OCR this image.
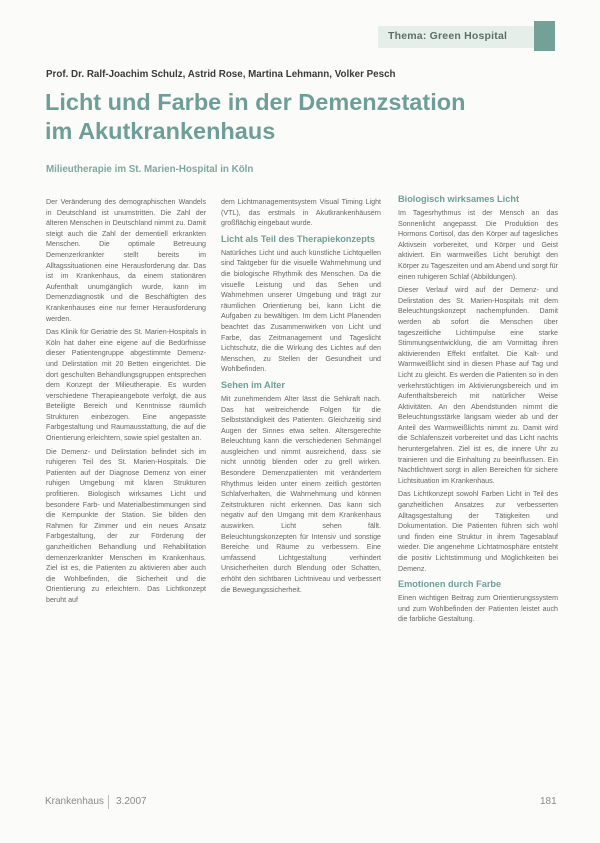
Thema: Green Hospital
Prof. Dr. Ralf-Joachim Schulz, Astrid Rose, Martina Lehmann, Volker Pesch
Licht und Farbe in der Demenzstation
im Akutkrankenhaus
Milieutherapie im St. Marien-Hospital in Köln

Der Veränderung des demographischen Wandels in Deutschland ist unumstritten. Die Zahl der älteren Menschen in Deutschland nimmt zu. Damit steigt auch die Zahl der dementiell erkrankten Menschen. Die optimale Betreuung Demenzerkrankter stellt bereits im Alltagssituationen eine Herausforderung dar. Das ist im Krankenhaus, da einem stationären Aufenthalt unumgänglich wurde, kann im Demenzdiagnostik und die Beschäftigten des Krankenhauses eine nur ferner Herausforderung werden.

Das Klinik für Geriatrie des St. Marien-Hospitals in Köln hat daher eine eigene auf die Bedürfnisse dieser Patientengruppe abgestimmte Demenz- und Delirstation mit 20 Betten eingerichtet. Die dort geschulten Behandlungsgruppen entsprechen dem Konzept der Milieutherapie. Es wurden verschiedene Therapieangebote verfolgt, die aus Beteiligte Bereich und Kenntnisse räumlich Strukturen einbezogen. Eine angepasste Farbgestaltung und Raumausstattung, die auf die Orientierung erleichtern, sowie spiel gestalten an.

Die Demenz- und Delirstation befindet sich im ruhigeren Teil des St. Marien-Hospitals. Die Patienten auf der Diagnose Demenz von einer ruhigen Umgebung mit klaren Strukturen profitieren. Biologisch wirksames Licht und besondere Farb- und Materialbestimmungen sind die Kernpunkte der Station. Sie bilden den Rahmen für Zimmer und ein neues Ansatz Farbgestaltung, der zur Förderung der ganzheitlichen Behandlung und Rehabilitation demenzerkrankter Menschen im Krankenhaus. Ziel ist es, die Patienten zu aktivieren aber auch die Wohlbefinden, die Sicherheit und die Orientierung zu erleichtern. Das Lichtkonzept beruht auf

dem Lichtmanagementsystem Visual Timing Light (VTL), das erstmals in Akutkrankenhäusern großflächig eingebaut wurde.

Licht als Teil des Therapiekonzepts

Natürliches Licht und auch künstliche Lichtquellen sind Taktgeber für die visuelle Wahrnehmung und die biologische Rhythmik des Menschen. Da die visuelle Leistung und das Sehen und Wahrnehmen unserer Umgebung und trägt zur räumlichen Orientierung bei, kann Licht die Aufgaben zu bewältigen. Im dem Licht Planenden beachtet das Zusammenwirken von Licht und Farbe, das Zeitmanagement und Tageslicht Lichtschutz, die die Wirkung des Lichtes auf den Menschen, zu Stellen der Gesundheit und Wohlbefinden.

Sehen im Alter

Mit zunehmendem Alter lässt die Sehkraft nach. Das hat weitreichende Folgen für die Selbstständigkeit des Patienten. Gleichzeitig sind Augen der Sinnes etwa selten. Altersgerechte Beleuchtung kann die verschiedenen Sehmängel ausgleichen und nimmt ausreichend, dass sie nicht unnötig blenden oder zu grell wirken. Besondere Demenzpatienten mit verändertem Rhythmus leiden unter einem zeitlich gestörten Schlafverhalten, die Wahrnehmung und können Zeitstrukturen nicht erkennen. Das kann sich negativ auf den Umgang mit dem Krankenhaus auswirken. Licht sehen fällt. Beleuchtungskonzepten für Intensiv und sonstige Bereiche und Räume zu verbessern. Eine umfassend Lichtgestaltung verhindert Unsicherheiten durch Blendung oder Schatten, erhöht den sichtbaren Lichtniveau und verbessert die Bewegungssicherheit.

Biologisch wirksames Licht

Im Tagesrhythmus ist der Mensch an das Sonnenlicht angepasst. Die Produktion des Hormons Cortisol, das den Körper auf tagesliches Aktivsein vorbereitet, und Körper und Geist aktiviert. Ein warmweißes Licht beruhigt den Körper zu Tageszeiten und am Abend und sorgt für einen ruhigeren Schlaf (Abbildungen).

Dieser Verlauf wird auf der Demenz- und Delirstation des St. Marien-Hospitals mit dem Beleuchtungskonzept nachempfunden. Damit werden ab sofort die Menschen über tageszeitliche Lichtimpulse eine starke Stimmungsentwicklung, die am Vormittag ihren aktivierenden Effekt entfaltet. Die Kalt- und Warmweißlicht sind in diesen Phase auf Tag und Licht zu gleicht. Es werden die Patienten so in den verkehrstüchtigen im Aktivierungsbereich und im Aufenthaltsbereich mit natürlicher Weise Aktivitäten. An den Abendstunden nimmt die Beleuchtungsstärke langsam wieder ab und der Anteil des Warmweißlichts nimmt zu. Damit wird die Schlafenszeit vorbereitet und das Licht nachts heruntergefahren. Ziel ist es, die innere Uhr zu trainieren und die Einhaltung zu beeinflussen. Ein Nachtlichtwert sorgt in allen Bereichen für sichere Lichtsituation im Krankenhaus.

Das Lichtkonzept sowohl Farben Licht in Teil des ganzheitlichen Ansatzes zur verbesserten Alltagsgestaltung der Tätigkeiten und Dokumentation. Die Patienten führen sich wohl und finden eine Struktur in ihrem Tagesablauf wieder. Die angenehme Lichtatmosphäre entsteht die positiv Lichtstimmung und Möglichkeiten bei Demenz.

Emotionen durch Farbe

Einen wichtigen Beitrag zum Orientierungssystem und zum Wohlbefinden der Patienten leistet auch die farbliche Gestaltung.

Krankenhaus 3.2007	181
